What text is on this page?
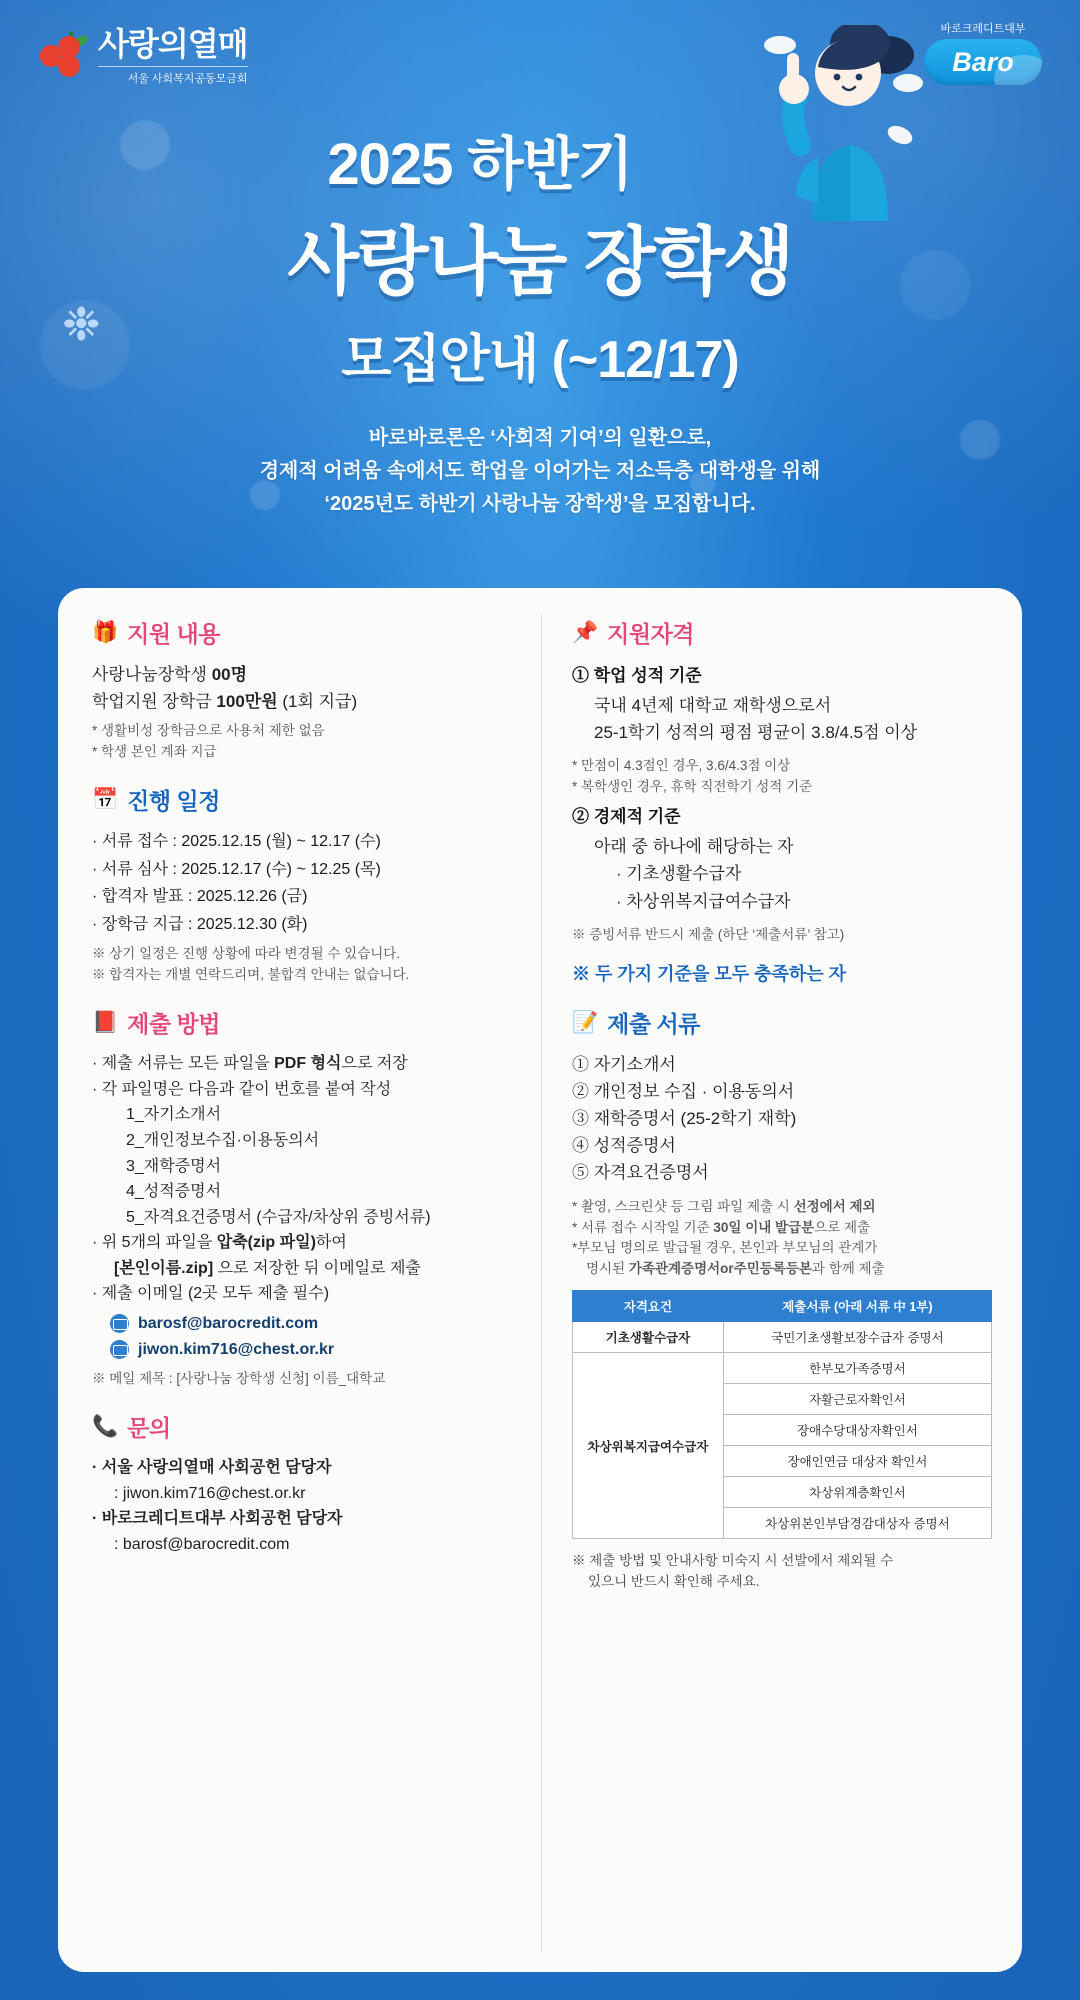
사랑의열매
서울 사회복지공동모금회
바로크레디트대부
Baro
❉
2025 하반기
사랑나눔 장학생
모집안내 (~12/17)
바로바로론은 ‘사회적 기여’의 일환으로,
경제적 어려움 속에서도 학업을 이어가는 저소득층 대학생을 위해
‘2025년도 하반기 사랑나눔 장학생’을 모집합니다.
🎁 지원 내용
사랑나눔장학생 00명
학업지원 장학금 100만원 (1회 지급)
* 생활비성 장학금으로 사용처 제한 없음
* 학생 본인 계좌 지급
📅 진행 일정
· 서류 접수 : 2025.12.15 (월) ~ 12.17 (수)
· 서류 심사 : 2025.12.17 (수) ~ 12.25 (목)
· 합격자 발표 : 2025.12.26 (금)
· 장학금 지급 : 2025.12.30 (화)
※ 상기 일정은 진행 상황에 따라 변경될 수 있습니다.
※ 합격자는 개별 연락드리며, 불합격 안내는 없습니다.
📕 제출 방법
· 제출 서류는 모든 파일을 PDF 형식으로 저장
· 각 파일명은 다음과 같이 번호를 붙여 작성
1_자기소개서
2_개인정보수집·이용동의서
3_재학증명서
4_성적증명서
5_자격요건증명서 (수급자/차상위 증빙서류)
· 위 5개의 파일을 압축(zip 파일)하여
[본인이름.zip] 으로 저장한 뒤 이메일로 제출
· 제출 이메일 (2곳 모두 제출 필수)
barosf@barocredit.com
jiwon.kim716@chest.or.kr
※ 메일 제목 : [사랑나눔 장학생 신청] 이름_대학교
📞 문의
· 서울 사랑의열매 사회공헌 담당자
: jiwon.kim716@chest.or.kr
· 바로크레디트대부 사회공헌 담당자
: barosf@barocredit.com
📌 지원자격
① 학업 성적 기준
국내 4년제 대학교 재학생으로서
25-1학기 성적의 평점 평균이 3.8/4.5점 이상
* 만점이 4.3점인 경우, 3.6/4.3점 이상
* 복학생인 경우, 휴학 직전학기 성적 기준
② 경제적 기준
아래 중 하나에 해당하는 자
· 기초생활수급자
· 차상위복지급여수급자
※ 증빙서류 반드시 제출 (하단 ‘제출서류’ 참고)
※ 두 가지 기준을 모두 충족하는 자
📝 제출 서류
① 자기소개서
② 개인정보 수집 · 이용동의서
③ 재학증명서 (25-2학기 재학)
④ 성적증명서
⑤ 자격요건증명서
* 촬영, 스크린샷 등 그림 파일 제출 시 선정에서 제외
* 서류 접수 시작일 기준 30일 이내 발급분으로 제출
*부모님 명의로 발급될 경우, 본인과 부모님의 관계가
명시된 가족관계증명서or주민등록등본과 함께 제출
자격요건	제출서류 (아래 서류 中 1부)
기초생활수급자	국민기초생활보장수급자 증명서
차상위복지급여수급자	한부모가족증명서
	자활근로자확인서
	장애수당대상자확인서
	장애인연금 대상자 확인서
	차상위계층확인서
	차상위본인부담경감대상자 증명서
※ 제출 방법 및 안내사항 미숙지 시 선발에서 제외될 수
있으니 반드시 확인해 주세요.
